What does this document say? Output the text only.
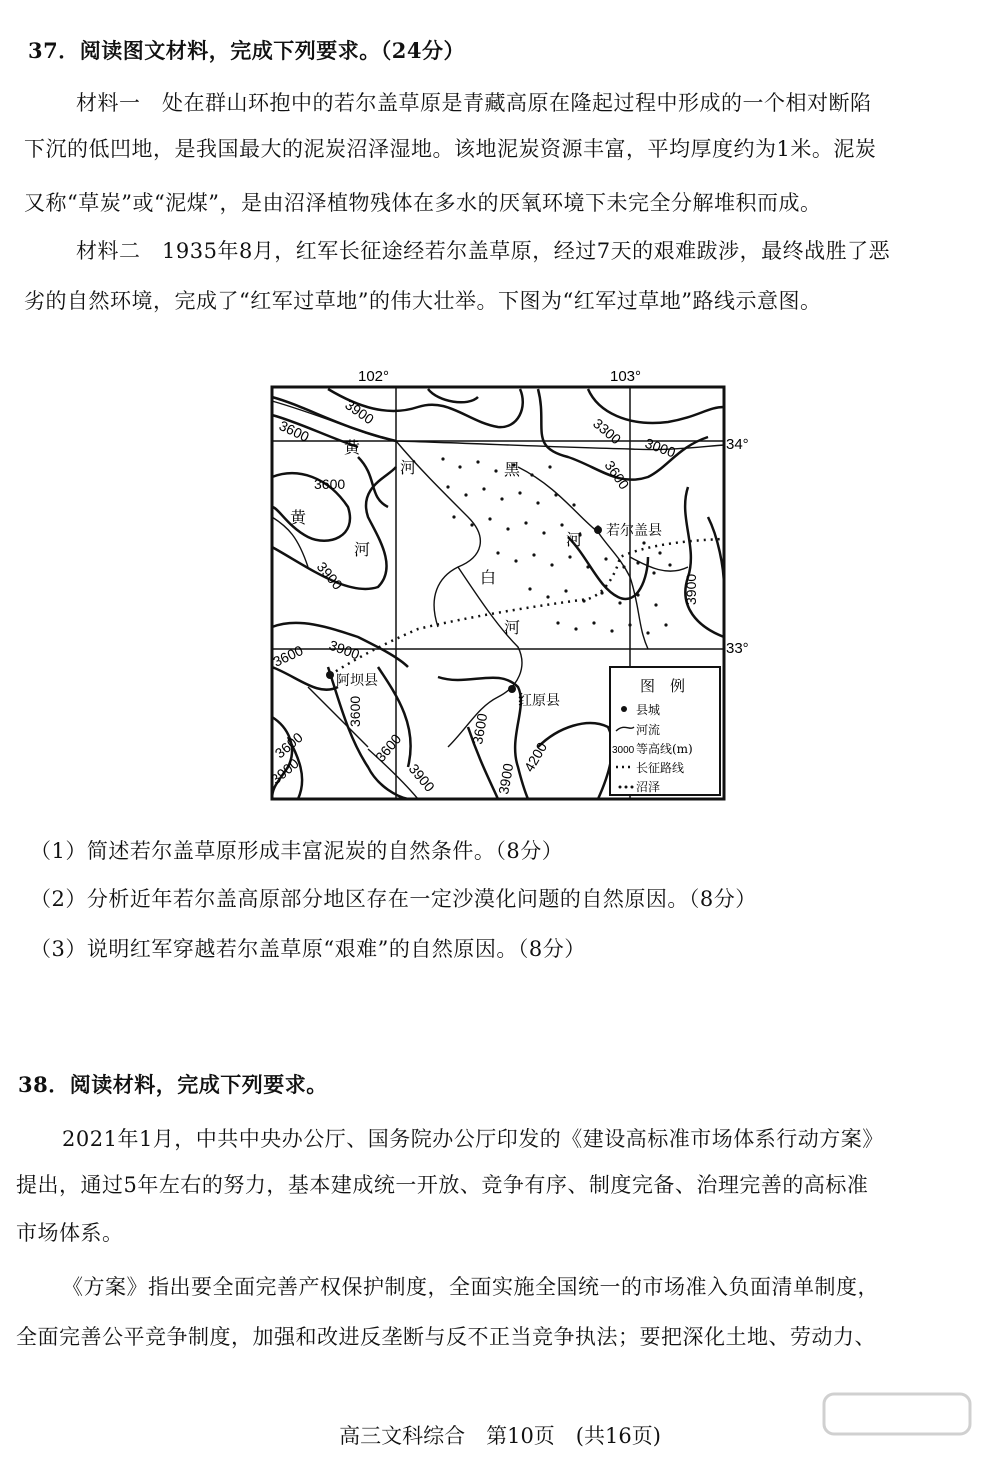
37．阅读图文材料，完成下列要求。（24分）
材料一　处在群山环抱中的若尔盖草原是青藏高原在隆起过程中形成的一个相对断陷
下沉的低凹地，是我国最大的泥炭沼泽湿地。该地泥炭资源丰富，平均厚度约为1米。泥炭
又称“草炭”或“泥煤”，是由沼泽植物残体在多水的厌氧环境下未完全分解堆积而成。
材料二　1935年8月，红军长征途经若尔盖草原，经过7天的艰难跋涉，最终战胜了恶
劣的自然环境，完成了“红军过草地”的伟大壮举。下图为“红军过草地”路线示意图。
102°	103°
34°
33°
若尔盖县
阿坝县
红原县
黄
河
黄
河
黑
河
白
河
3900
3600	3300
3000
3600
3600
3900	3900
3900
3600
3600
3600	3600
3900	3900
3600
3900
4200
图　例
县城
河流
3000 等高线(m)
长征路线
沼泽
（1）简述若尔盖草原形成丰富泥炭的自然条件。（8分）
（2）分析近年若尔盖高原部分地区存在一定沙漠化问题的自然原因。（8分）
（3）说明红军穿越若尔盖草原“艰难”的自然原因。（8分）
38．阅读材料，完成下列要求。
2021年1月，中共中央办公厅、国务院办公厅印发的《建设高标准市场体系行动方案》
提出，通过5年左右的努力，基本建成统一开放、竞争有序、制度完备、治理完善的高标准
市场体系。
《方案》指出要全面完善产权保护制度，全面实施全国统一的市场准入负面清单制度，
全面完善公平竞争制度，加强和改进反垄断与反不正当竞争执法；要把深化土地、劳动力、
高三文科综合　第10页　(共16页)
